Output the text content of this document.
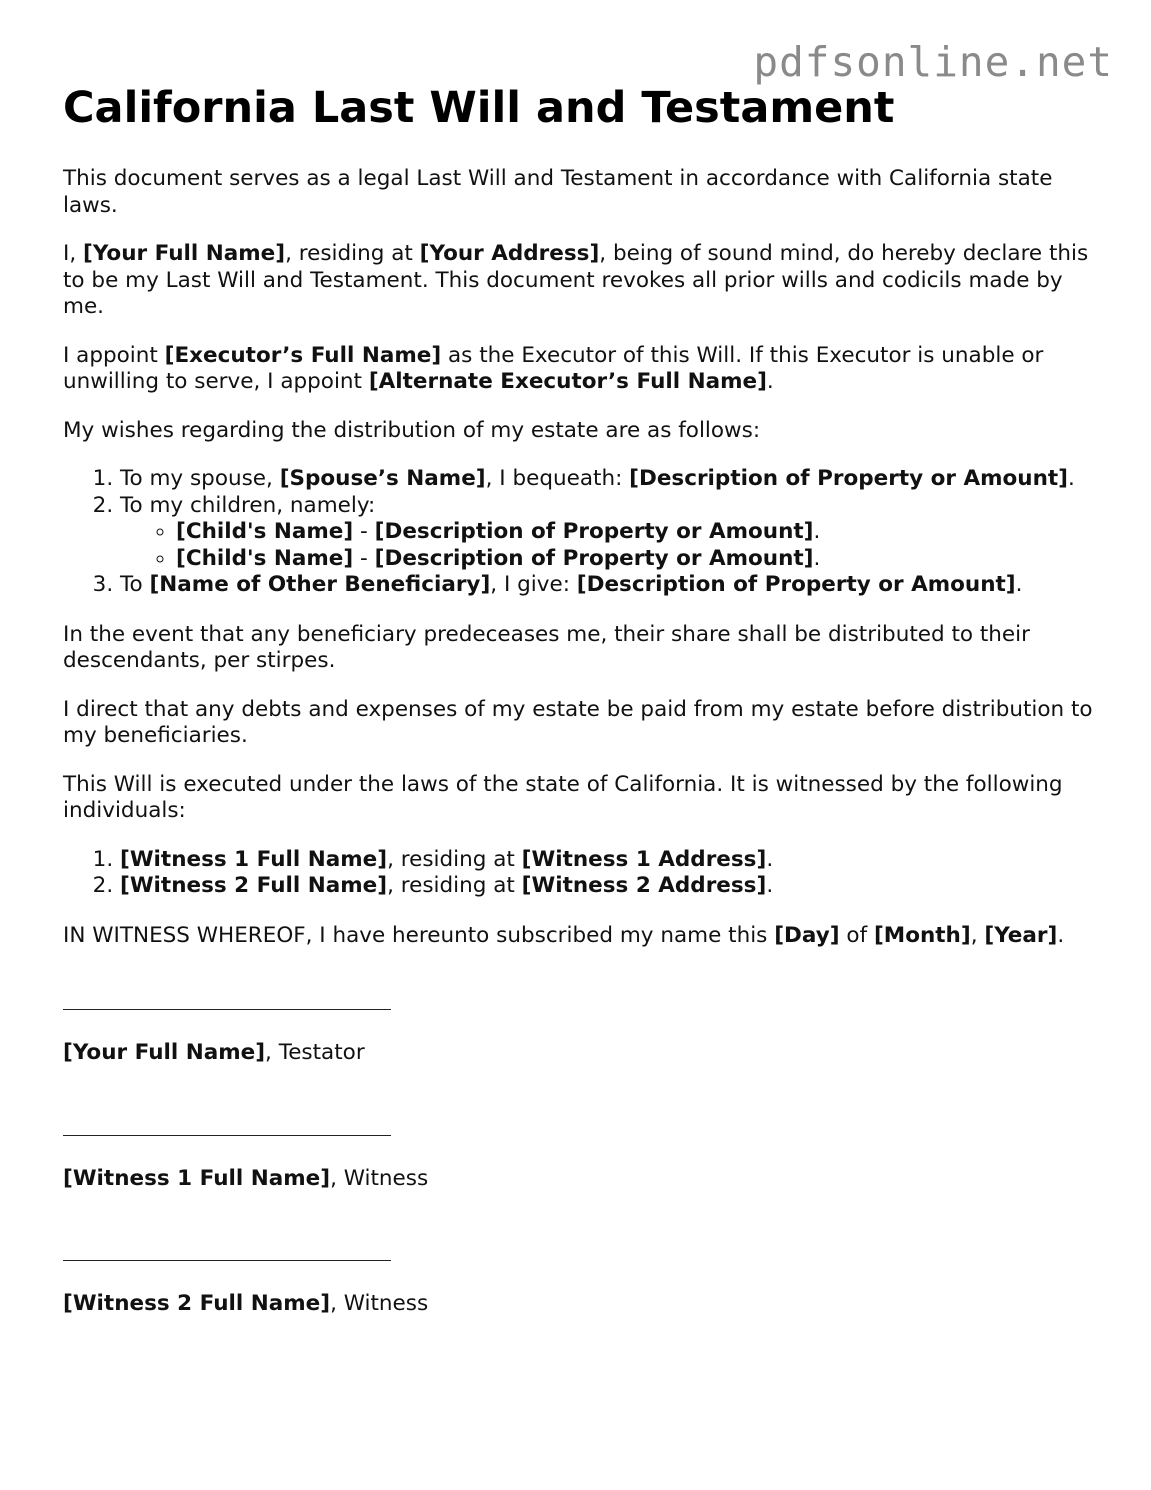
pdfsonline.net
California Last Will and Testament

This document serves as a legal Last Will and Testament in accordance with California state laws.

I, [Your Full Name], residing at [Your Address], being of sound mind, do hereby declare this to be my Last Will and Testament. This document revokes all prior wills and codicils made by me.

I appoint [Executor’s Full Name] as the Executor of this Will. If this Executor is unable or unwilling to serve, I appoint [Alternate Executor’s Full Name].

My wishes regarding the distribution of my estate are as follows:

1. To my spouse, [Spouse’s Name], I bequeath: [Description of Property or Amount].
2. To my children, namely:
◦ [Child's Name] - [Description of Property or Amount].
◦ [Child's Name] - [Description of Property or Amount].
3. To [Name of Other Beneficiary], I give: [Description of Property or Amount].

In the event that any beneficiary predeceases me, their share shall be distributed to their descendants, per stirpes.

I direct that any debts and expenses of my estate be paid from my estate before distribution to my beneficiaries.

This Will is executed under the laws of the state of California. It is witnessed by the following individuals:

1. [Witness 1 Full Name], residing at [Witness 1 Address].
2. [Witness 2 Full Name], residing at [Witness 2 Address].

IN WITNESS WHEREOF, I have hereunto subscribed my name this [Day] of [Month], [Year].

[Your Full Name], Testator
[Witness 1 Full Name], Witness
[Witness 2 Full Name], Witness
